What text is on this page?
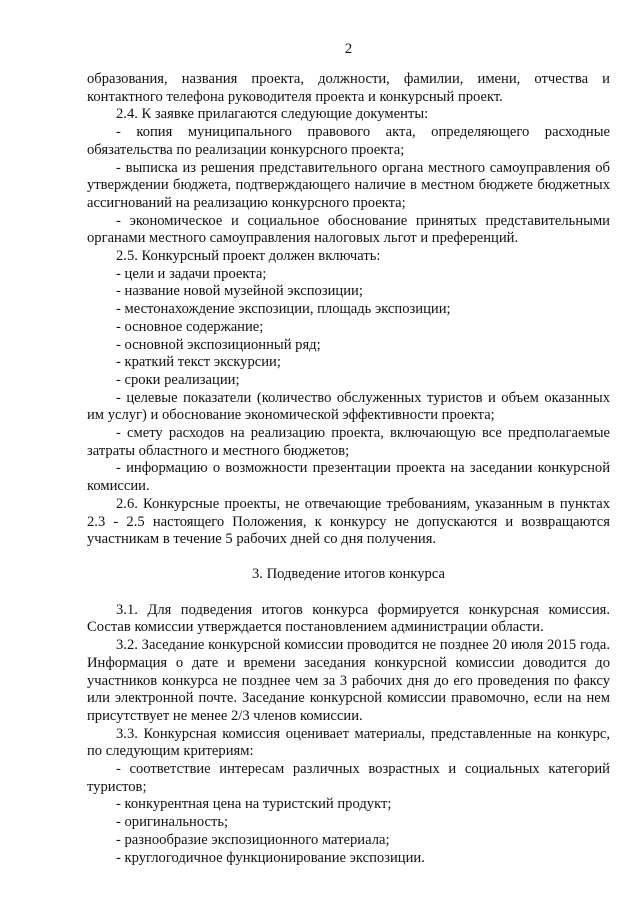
2

образования, названия проекта, должности, фамилии, имени, отчества и контактного телефона руководителя проекта и конкурсный проект.

2.4. К заявке прилагаются следующие документы:

- копия муниципального правового акта, определяющего расходные обязательства по реализации конкурсного проекта;

- выписка из решения представительного органа местного самоуправления об утверждении бюджета, подтверждающего наличие в местном бюджете бюджетных ассигнований на реализацию конкурсного проекта;

- экономическое и социальное обоснование принятых представительными органами местного самоуправления налоговых льгот и преференций.

2.5. Конкурсный проект должен включать:

- цели и задачи проекта;

- название новой музейной экспозиции;

- местонахождение экспозиции, площадь экспозиции;

- основное содержание;

- основной экспозиционный ряд;

- краткий текст экскурсии;

- сроки реализации;

- целевые показатели (количество обслуженных туристов и объем оказанных им услуг) и обоснование экономической эффективности проекта;

- смету расходов на реализацию проекта, включающую все предполагаемые затраты областного и местного бюджетов;

- информацию о возможности презентации проекта на заседании конкурсной комиссии.

2.6. Конкурсные проекты, не отвечающие требованиям, указанным в пунктах 2.3 - 2.5 настоящего Положения, к конкурсу не допускаются и возвращаются участникам в течение 5 рабочих дней со дня получения.

3. Подведение итогов конкурса

3.1. Для подведения итогов конкурса формируется конкурсная комиссия. Состав комиссии утверждается постановлением администрации области.

3.2. Заседание конкурсной комиссии проводится не позднее 20 июля 2015 года. Информация о дате и времени заседания конкурсной комиссии доводится до участников конкурса не позднее чем за 3 рабочих дня до его проведения по факсу или электронной почте. Заседание конкурсной комиссии правомочно, если на нем присутствует не менее 2/3 членов комиссии.

3.3. Конкурсная комиссия оценивает материалы, представленные на конкурс, по следующим критериям:

- соответствие интересам различных возрастных и социальных категорий туристов;

- конкурентная цена на туристский продукт;

- оригинальность;

- разнообразие экспозиционного материала;

- круглогодичное функционирование экспозиции.
